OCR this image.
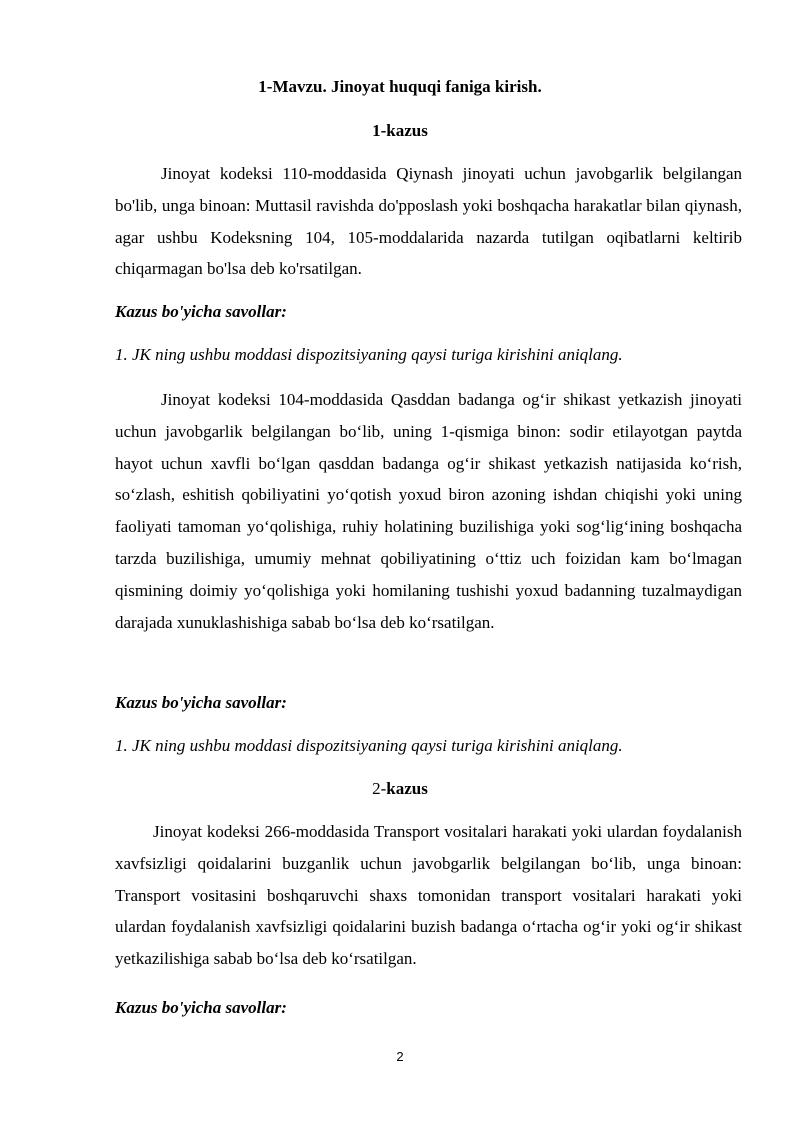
1-Mavzu. Jinoyat huquqi faniga kirish.
1-kazus
Jinoyat kodeksi 110-moddasida Qiynash jinoyati uchun javobgarlik belgilangan bo'lib, unga binoan: Muttasil ravishda do'pposlash yoki boshqacha harakatlar bilan qiynash, agar ushbu Kodeksning 104, 105-moddalarida nazarda tutilgan oqibatlarni keltirib chiqarmagan bo'lsa deb ko'rsatilgan.
Kazus bo'yicha savollar:
1. JK ning ushbu moddasi dispozitsiyaning qaysi turiga kirishini aniqlang.
Jinoyat kodeksi 104-moddasida Qasddan badanga og‘ir shikast yetkazish jinoyati uchun javobgarlik belgilangan bo‘lib, uning 1-qismiga binon: sodir etilayotgan paytda hayot uchun xavfli bo‘lgan qasddan badanga og‘ir shikast yetkazish natijasida ko‘rish, so‘zlash, eshitish qobiliyatini yo‘qotish yoxud biron azoning ishdan chiqishi yoki uning faoliyati tamoman yo‘qolishiga, ruhiy holatining buzilishiga yoki sog‘lig‘ining boshqacha tarzda buzilishiga, umumiy mehnat qobiliyatining o‘ttiz uch foizidan kam bo‘lmagan qismining doimiy yo‘qolishiga yoki homilaning tushishi yoxud badanning tuzalmaydigan darajada xunuklashishiga sabab bo‘lsa deb ko‘rsatilgan.
Kazus bo'yicha savollar:
1. JK ning ushbu moddasi dispozitsiyaning qaysi turiga kirishini aniqlang.
2-kazus
Jinoyat kodeksi 266-moddasida Transport vositalari harakati yoki ulardan foydalanish xavfsizligi qoidalarini buzganlik uchun javobgarlik belgilangan bo‘lib, unga binoan: Transport vositasini boshqaruvchi shaxs tomonidan transport vositalari harakati yoki ulardan foydalanish xavfsizligi qoidalarini buzish badanga o‘rtacha og‘ir yoki og‘ir shikast yetkazilishiga sabab bo‘lsa deb ko‘rsatilgan.
Kazus bo'yicha savollar:
2
